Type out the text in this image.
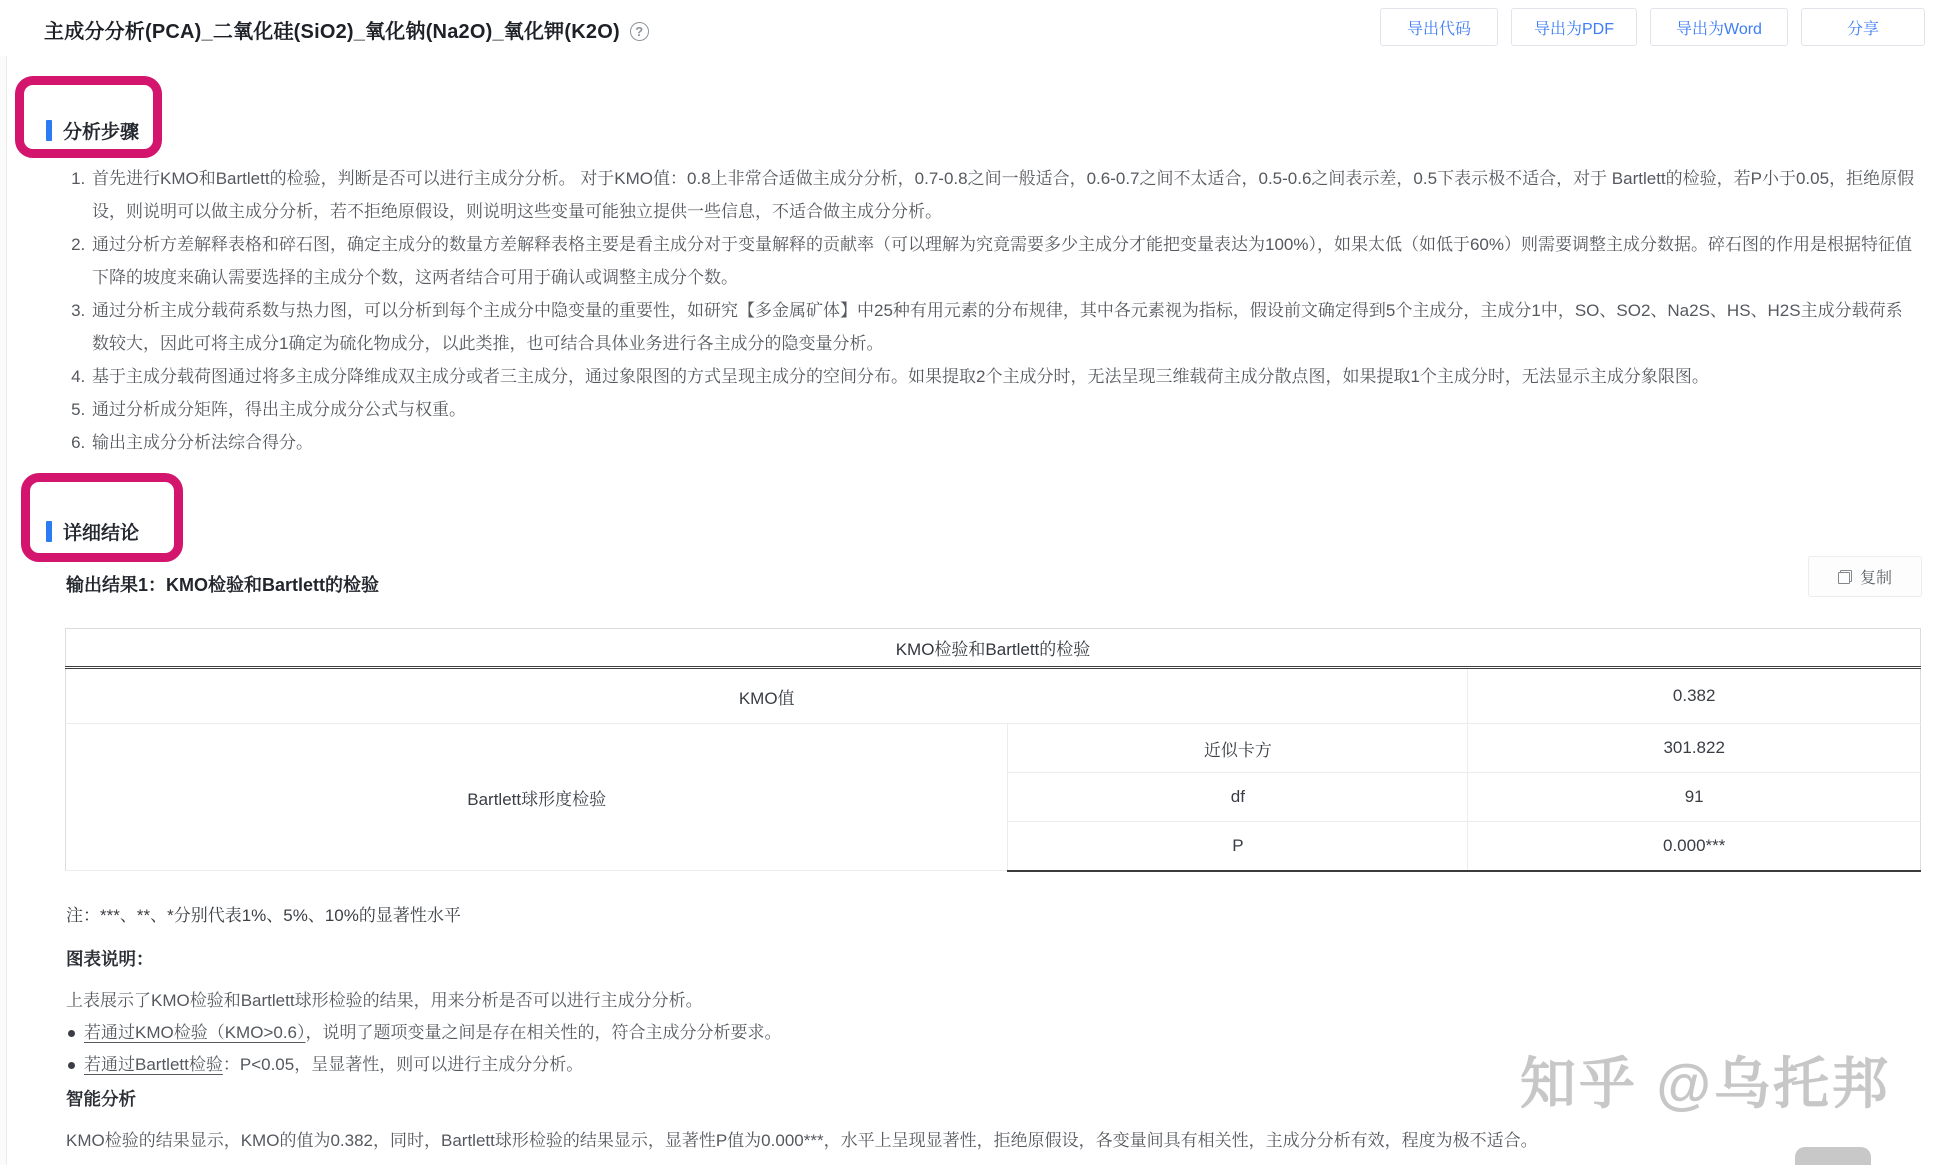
主成分分析(PCA)_二氧化硅(SiO2)_氧化钠(Na2O)_氧化钾(K2O) ?	导出代码	导出为PDF	导出为Word	分享
分析步骤
1. 首先进行KMO和Bartlett的检验，判断是否可以进行主成分分析。 对于KMO值：0.8上非常合适做主成分分析，0.7-0.8之间一般适合，0.6-0.7之间不太适合，0.5-0.6之间表示差，0.5下表示极不适合，对于 Bartlett的检验，若P小于0.05，拒绝原假设，则说明可以做主成分分析，若不拒绝原假设，则说明这些变量可能独立提供一些信息，不适合做主成分分析。
2. 通过分析方差解释表格和碎石图，确定主成分的数量方差解释表格主要是看主成分对于变量解释的贡献率（可以理解为究竟需要多少主成分才能把变量表达为100%），如果太低（如低于60%）则需要调整主成分数据。碎石图的作用是根据特征值下降的坡度来确认需要选择的主成分个数，这两者结合可用于确认或调整主成分个数。
3. 通过分析主成分载荷系数与热力图，可以分析到每个主成分中隐变量的重要性，如研究【多金属矿体】中25种有用元素的分布规律，其中各元素视为指标，假设前文确定得到5个主成分，主成分1中，SO、SO2、Na2S、HS、H2S主成分载荷系数较大，因此可将主成分1确定为硫化物成分，以此类推，也可结合具体业务进行各主成分的隐变量分析。
4. 基于主成分载荷图通过将多主成分降维成双主成分或者三主成分，通过象限图的方式呈现主成分的空间分布。如果提取2个主成分时，无法呈现三维载荷主成分散点图，如果提取1个主成分时，无法显示主成分象限图。
5. 通过分析成分矩阵，得出主成分成分公式与权重。
6. 输出主成分分析法综合得分。
详细结论
输出结果1：KMO检验和Bartlett的检验	复制
KMO检验和Bartlett的检验		
KMO值		0.382
Bartlett球形度检验	近似卡方	301.822
	df	91
	P	0.000***
注：***、**、*分别代表1%、5%、10%的显著性水平
图表说明：
上表展示了KMO检验和Bartlett球形检验的结果，用来分析是否可以进行主成分分析。
若通过KMO检验（KMO>0.6），说明了题项变量之间是存在相关性的，符合主成分分析要求。
若通过Bartlett检验：P<0.05，呈显著性，则可以进行主成分分析。
智能分析
KMO检验的结果显示，KMO的值为0.382，同时，Bartlett球形检验的结果显示，显著性P值为0.000***，水平上呈现显著性，拒绝原假设，各变量间具有相关性，主成分分析有效，程度为极不适合。
知乎 @乌托邦
